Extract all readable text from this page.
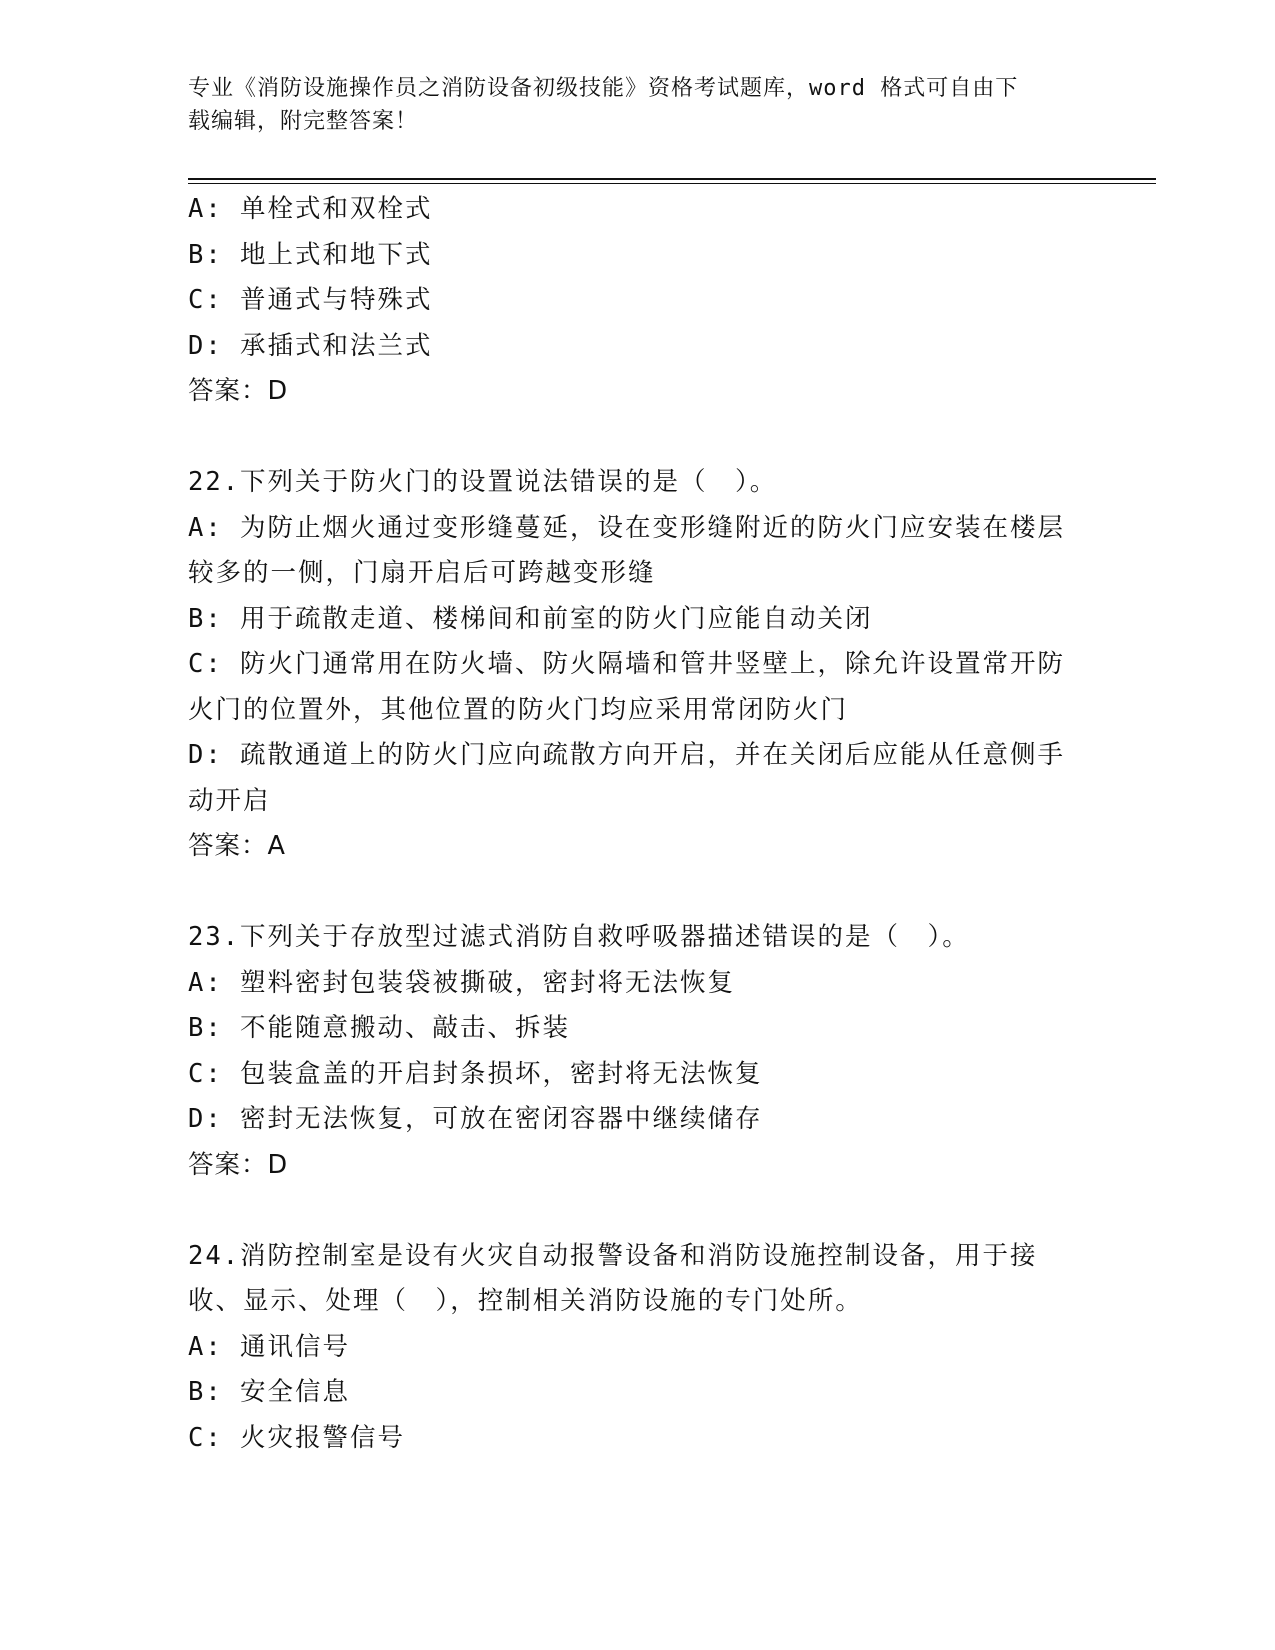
专业《消防设施操作员之消防设备初级技能》资格考试题库，word 格式可自由下
载编辑，附完整答案！
A: 单栓式和双栓式
B: 地上式和地下式
C: 普通式与特殊式
D: 承插式和法兰式
答案：D
22.下列关于防火门的设置说法错误的是（　）。
A: 为防止烟火通过变形缝蔓延，设在变形缝附近的防火门应安装在楼层较多的一侧，门扇开启后可跨越变形缝
B: 用于疏散走道、楼梯间和前室的防火门应能自动关闭
C: 防火门通常用在防火墙、防火隔墙和管井竖壁上，除允许设置常开防火门的位置外，其他位置的防火门均应采用常闭防火门
D: 疏散通道上的防火门应向疏散方向开启，并在关闭后应能从任意侧手动开启
答案：A
23.下列关于存放型过滤式消防自救呼吸器描述错误的是（　）。
A: 塑料密封包装袋被撕破，密封将无法恢复
B: 不能随意搬动、敲击、拆装
C: 包装盒盖的开启封条损坏，密封将无法恢复
D: 密封无法恢复，可放在密闭容器中继续储存
答案：D
24.消防控制室是设有火灾自动报警设备和消防设施控制设备，用于接收、显示、处理（　），控制相关消防设施的专门处所。
A: 通讯信号
B: 安全信息
C: 火灾报警信号
